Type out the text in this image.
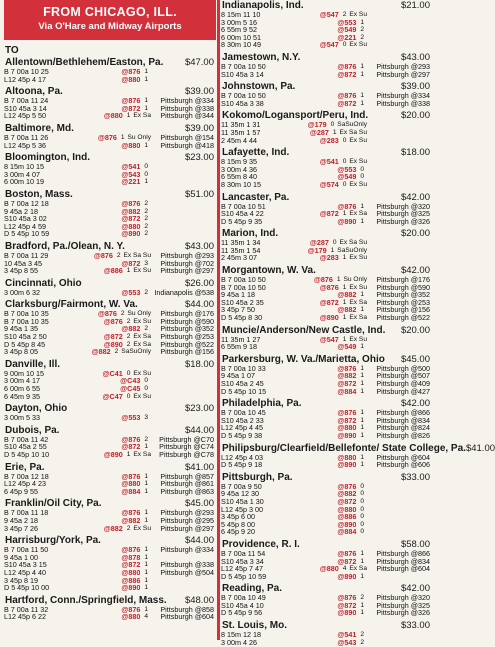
FROM CHICAGO, ILL.
Via O'Hare and Midway Airports
TO
Allentown/Bethlehem/Easton, Pa. $47.00
B 7 00a 10 25	@876 1
L12 45p 4 17	@880 1
Altoona, Pa.	$39.00
B 7 00a 11 24	@876 1	Pittsburgh @334
S10 45a 3 14	@872 1	Pittsburgh @338
L12 45p 5 50	@880 1 Ex Sa	Pittsburgh @344
Baltimore, Md.	$39.00
B 7 00a 11 26	@876 1 Su Only	Pittsburgh @154
L12 45p 5 36	@880 1	Pittsburgh @418
Bloomington, Ind.	$23.00
8 15m 10 15	@541 0
3 00m 4 07	@543 0
6 00m 10 19	@221 1
Boston, Mass.	$51.00
B 7 00a 12 18	@876 2
9 45a 2 18	@882 2
S10 45a 3 02	@872 2
L12 45p 4 59	@880 2
D 5 45p 10 59	@890 2
Bradford, Pa./Olean, N. Y.	$43.00
B 7 00a 11 29	@876 2 Ex Sa Su	Pittsburgh @293
10 45a 3 45	@872 3	Pittsburgh @702
3 45p 8 55	@886 1 Ex Su	Pittsburgh @297
Cincinnati, Ohio	$26.00
3 00m 6 32	@553 2 Indianapolis @538
Clarksburg/Fairmont, W. Va.	$44.00
B 7 00a 10 35	@876 2 Su Only	Pittsburgh @176
B 7 00a 10 35	@876 2 Ex Su	Pittsburgh @590
9 45a 1 35	@882 2	Pittsburgh @352
S10 45a 2 50	@872 2 Ex Sa	Pittsburgh @253
D 5 45p 8 45	@890 2 Ex Sa	Pittsburgh @522
3 45p 8 05	@882 2 SaSuOnly	Pittsburgh @156
Danville, Ill.	$18.00
9 00m 10 15	@C41 0 Ex Su
3 00m 4 17	@C43 0
6 00m 6 55	@C45 0
6 45m 9 35	@C47 0 Ex Su
Dayton, Ohio	$23.00
3 00m 5 33	@553 3
Dubois, Pa.	$44.00
B 7 00a 11 42	@876 2	Pittsburgh @C70
S10 45a 2 55	@872 1	Pittsburgh @C74
D 5 45p 10 10	@890 1 Ex Sa	Pittsburgh @C78
Erie, Pa.	$41.00
B 7 00a 12 18	@876 1	Pittsburgh @857
L12 45p 4 23	@880 1	Pittsburgh @861
6 45p 9 55	@884 1	Pittsburgh @863
Franklin/Oil City, Pa.	$45.00
B 7 00a 11 18	@876 1	Pittsburgh @293
9 45a 2 18	@882 1	Pittsburgh @295
3 45p 7 26	@882 2 Ex Su	Pittsburgh @297
Harrisburg/York, Pa.	$44.00
B 7 00a 11 50	@876 1	Pittsburgh @334
9 45a 1 00	@878 1
S10 45a 3 15	@872 1	Pittsburgh @338
L12 45p 4 40	@880 1	Pittsburgh @504
3 45p 8 19	@886 1
D 5 45p 10 00	@890 1
Hartford, Conn./Springfield, Mass. $48.00
B 7 00a 11 32	@876 1	Pittsburgh @858
L12 45p 6 22	@880 4	Pittsburgh @604
Indianapolis, Ind.	$21.00
8 15m 11 10	@547 2 Ex Su
3 00m 5 16	@553 1
6 55m 9 52	@549 2
6 00m 10 51	@221 2
8 30m 10 49	@547 0 Ex Su
Jamestown, N.Y.	$43.00
B 7 00a 10 50	@876 1	Pittsburgh @293
S10 45a 3 14	@872 1	Pittsburgh @297
Johnstown, Pa.	$39.00
B 7 00a 10 50	@876 1	Pittsburgh @334
S10 45a 3 38	@872 1	Pittsburgh @338
Kokomo/Logansport/Peru, Ind.	$20.00
11 35m 1 31	@179 0 SaSuOnly
11 35m 1 57	@287 1 Ex Sa Su
2 45m 4 44	@283 0 Ex Su
Lafayette, Ind.	$18.00
8 15m 9 35	@541 0 Ex Su
3 00m 4 36	@553 0
6 55m 8 40	@549 0
8 30m 10 15	@574 0 Ex Su
Lancaster, Pa.	$42.00
B 7 00a 10 51	@876 1	Pittsburgh @320
S10 45a 4 22	@872 1 Ex Sa	Pittsburgh @325
D 5 45p 9 35	@890 1	Pittsburgh @326
Marion, Ind.	$20.00
11 35m 1 34	@287 0 Ex Sa Su
11 35m 1 54	@179 1 SaSuOnly
2 45m 3 07	@283 1 Ex Su
Morgantown, W. Va.	$42.00
B 7 00a 10 50	@876 1 Su Only	Pittsburgh @176
B 7 00a 10 50	@876 1 Ex Su	Pittsburgh @590
9 45a 1 18	@882 1	Pittsburgh @352
S10 45a 2 35	@872 1 Ex Sa	Pittsburgh @253
3 45p 7 50	@882 1	Pittsburgh @156
D 5 45p 8 30	@890 1 Ex Sa	Pittsburgh @522
Muncie/Anderson/New Castle, Ind. $20.00
11 35m 1 27	@547 1 Ex Su
6 55m 9 18	@549 1
Parkersburg, W. Va./Marietta, Ohio $45.00
B 7 00a 10 33	@876 1	Pittsburgh @500
9 45a 1 07	@882 1	Pittsburgh @507
S10 45a 2 45	@872 1	Pittsburgh @409
D 5 45p 10 15	@884 1	Pittsburgh @427
Philadelphia, Pa.	$42.00
B 7 00a 10 45	@876 1	Pittsburgh @866
S10 45a 2 33	@872 1	Pittsburgh @834
L12 45p 4 45	@880 1	Pittsburgh @824
D 5 45p 9 38	@890 1	Pittsburgh @826
Philipsburg/Clearfield/Bellefonte/ State College, Pa. $41.00
L12 45p 4 03	@880 1	Pittsburgh @604
D 5 45p 9 18	@890 1	Pittsburgh @606
Pittsburgh, Pa.	$33.00
B 7 00a 9 50	@876 0
9 45a 12 30	@882 0
S10 45a 1 30	@872 0
L12 45p 3 00	@880 0
3 45p 6 00	@886 0
5 45p 8 00	@890 0
6 45p 9 20	@884 0
Providence, R. I.	$58.00
B 7 00a 11 54	@876 1	Pittsburgh @866
S10 45a 3 34	@872 1	Pittsburgh @834
L12 45p 7 47	@880 4 Ex Sa	Pittsburgh @604
D 5 45p 10 59	@890 1
Reading, Pa.	$42.00
B 7 00a 10 49	@876 2	Pittsburgh @320
S10 45a 4 10	@872 1	Pittsburgh @325
D 5 45p 9 56	@890 1	Pittsburgh @326
St. Louis, Mo.	$33.00
8 15m 12 18	@541 2
3 00m 4 26	@543 2
